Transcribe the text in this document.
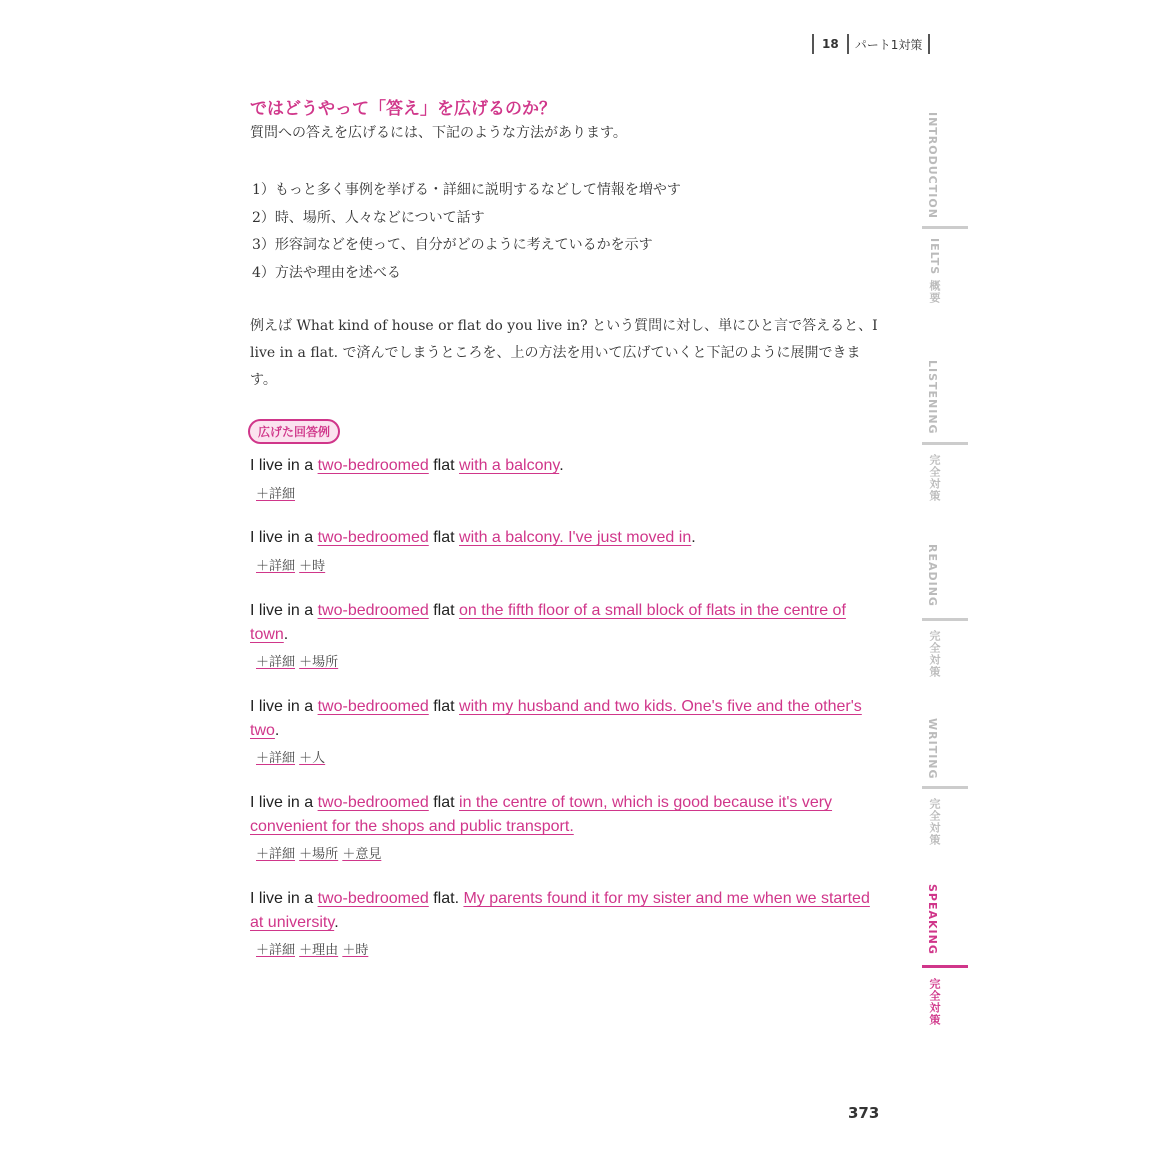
18	パート1対策
ではどうやって「答え」を広げるのか？
質問への答えを広げるには、下記のような方法があります。
1）もっと多く事例を挙げる・詳細に説明するなどして情報を増やす
2）時、場所、人々などについて話す
3）形容詞などを使って、自分がどのように考えているかを示す
4）方法や理由を述べる
例えば What kind of house or flat do you live in? という質問に対し、単にひと言で答えると、I live in a flat. で済んでしまうところを、上の方法を用いて広げていくと下記のように展開できます。
広げた回答例
I live in a two-bedroomed flat with a balcony.
＋詳細
I live in a two-bedroomed flat with a balcony. I've just moved in.
＋詳細 ＋時
I live in a two-bedroomed flat on the fifth floor of a small block of flats in the centre of town.
＋詳細 ＋場所
I live in a two-bedroomed flat with my husband and two kids. One's five and the other's two.
＋詳細 ＋人
I live in a two-bedroomed flat in the centre of town, which is good because it's very convenient for the shops and public transport.
＋詳細 ＋場所 ＋意見
I live in a two-bedroomed flat. My parents found it for my sister and me when we started at university.
＋詳細 ＋理由 ＋時
INTRODUCTION
IELTS 概要
LISTENING
完全対策
READING
完全対策
WRITING
完全対策
SPEAKING
完全対策
373
